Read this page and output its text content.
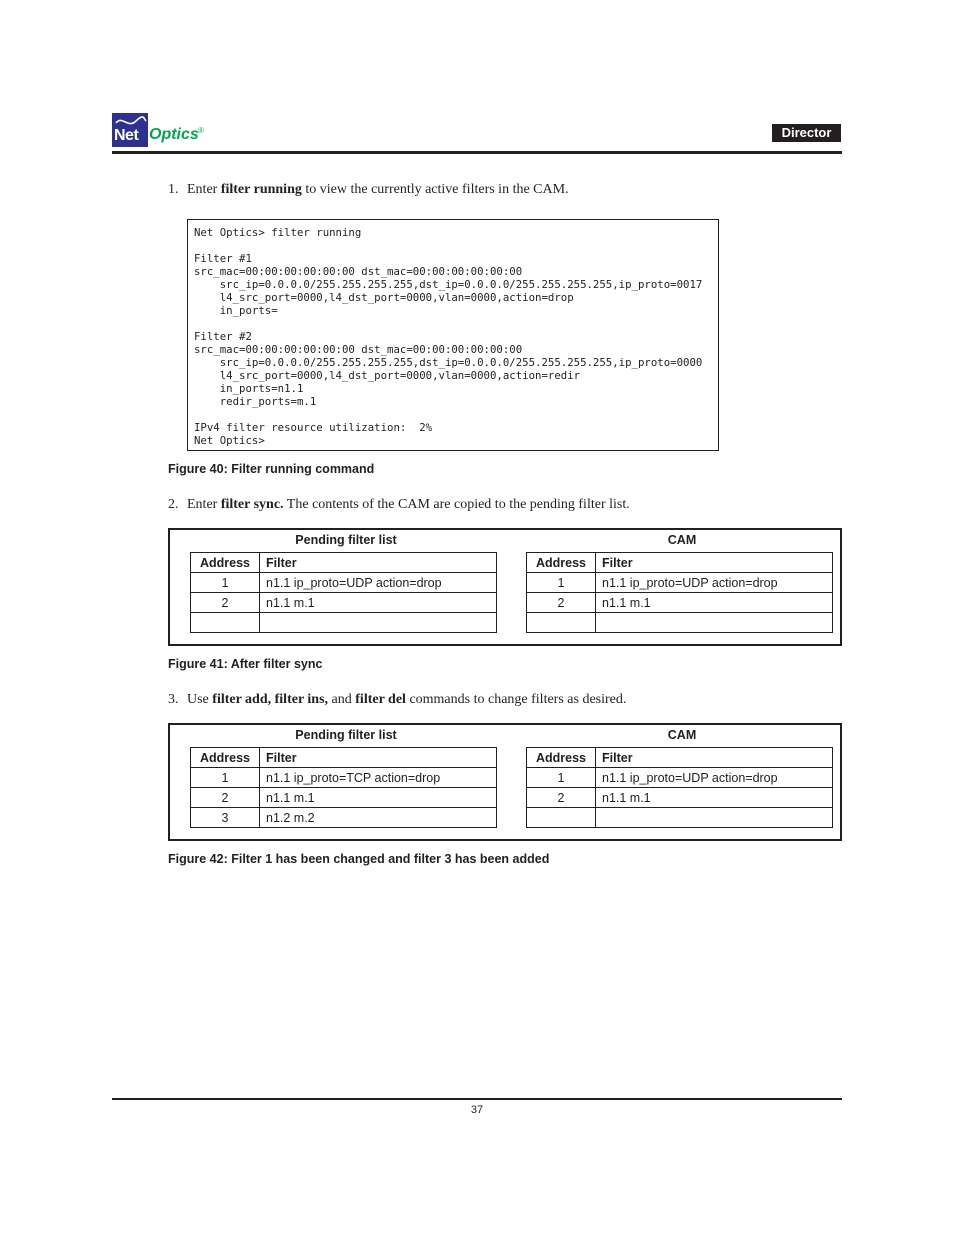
Net Optics ®	Director
1. Enter filter running to view the currently active filters in the CAM.
Net Optics> filter running

Filter #1
src_mac=00:00:00:00:00:00 dst_mac=00:00:00:00:00:00
src_ip=0.0.0.0/255.255.255.255,dst_ip=0.0.0.0/255.255.255.255,ip_proto=0017
l4_src_port=0000,l4_dst_port=0000,vlan=0000,action=drop
in_ports=

Filter #2
src_mac=00:00:00:00:00:00 dst_mac=00:00:00:00:00:00
src_ip=0.0.0.0/255.255.255.255,dst_ip=0.0.0.0/255.255.255.255,ip_proto=0000
l4_src_port=0000,l4_dst_port=0000,vlan=0000,action=redir
in_ports=n1.1
redir_ports=m.1

IPv4 filter resource utilization:  2%
Net Optics>
Figure 40: Filter running command
2. Enter filter sync. The contents of the CAM are copied to the pending filter list.
Pending filter list
Address	Filter
1	n1.1 ip_proto=UDP action=drop
2	n1.1 m.1

CAM
Address	Filter
1	n1.1 ip_proto=UDP action=drop
2	n1.1 m.1

Figure 41: After filter sync
3. Use filter add, filter ins, and filter del commands to change filters as desired.
Pending filter list
Address	Filter
1	n1.1 ip_proto=TCP action=drop
2	n1.1 m.1
3	n1.2 m.2
CAM
Address	Filter
1	n1.1 ip_proto=UDP action=drop
2	n1.1 m.1

Figure 42: Filter 1 has been changed and filter 3 has been added
37
